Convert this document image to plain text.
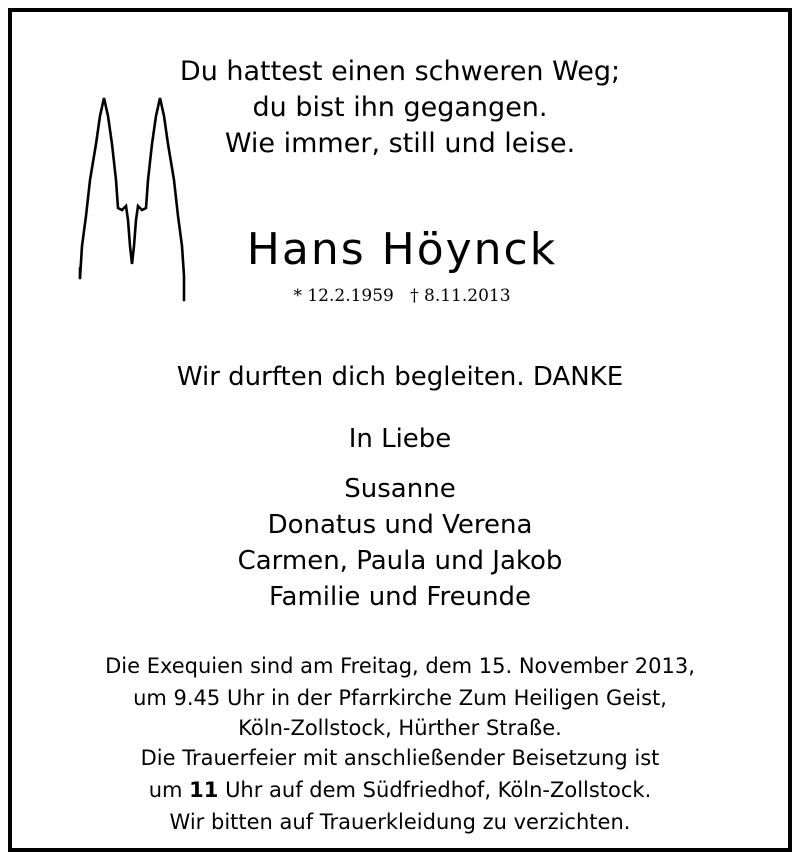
Du hattest einen schweren Weg;
du bist ihn gegangen.
Wie immer, still und leise.
Hans Höynck
* 12.2.1959 † 8.11.2013
Wir durften dich begleiten. DANKE
In Liebe
Susanne
Donatus und Verena
Carmen, Paula und Jakob
Familie und Freunde
Die Exequien sind am Freitag, dem 15. November 2013,
um 9.45 Uhr in der Pfarrkirche Zum Heiligen Geist,
Köln-Zollstock, Hürther Straße.
Die Trauerfeier mit anschließender Beisetzung ist
um 11 Uhr auf dem Südfriedhof, Köln-Zollstock.
Wir bitten auf Trauerkleidung zu verzichten.
